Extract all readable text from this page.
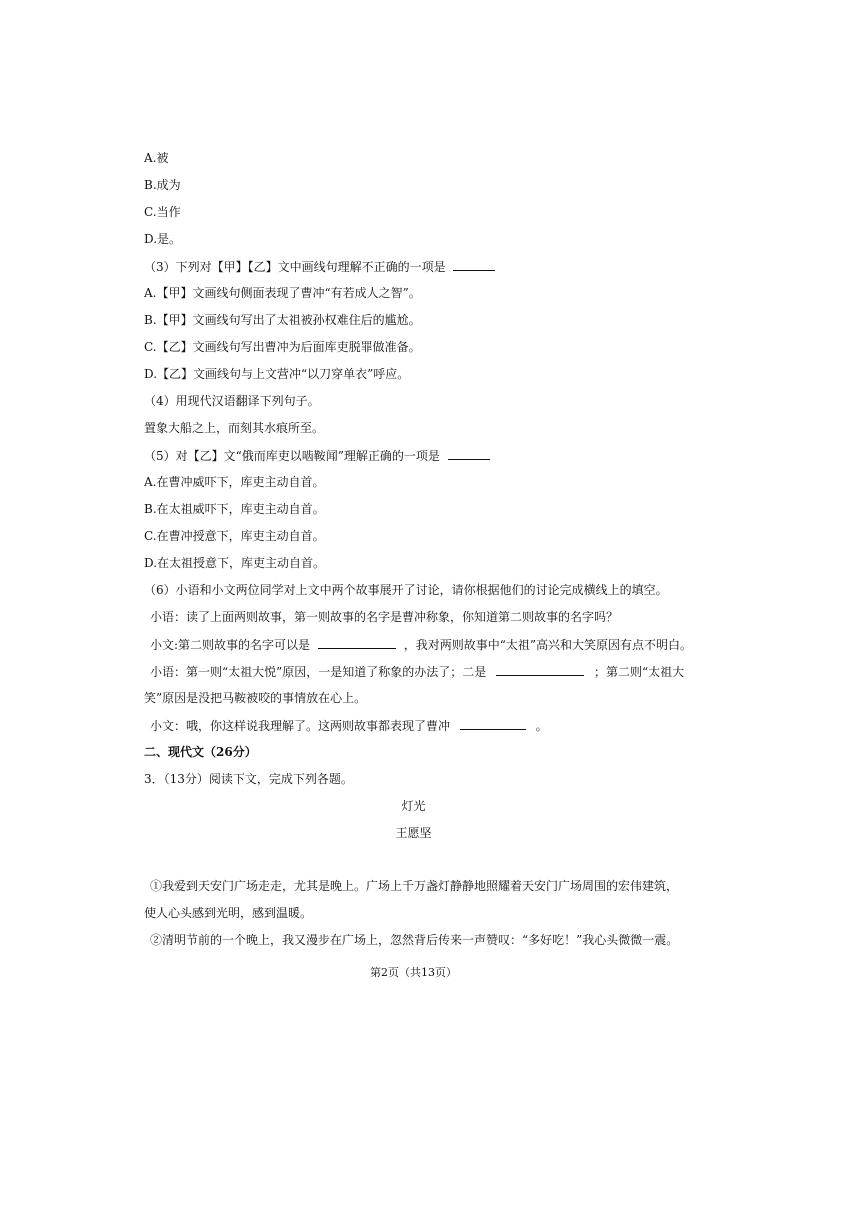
A.被
B.成为
C.当作
D.是。
（3）下列对【甲】【乙】文中画线句理解不正确的一项是
A.【甲】文画线句侧面表现了曹冲“有若成人之智”。
B.【甲】文画线句写出了太祖被孙权难住后的尴尬。
C.【乙】文画线句写出曹冲为后面库吏脱罪做准备。
D.【乙】文画线句与上文营冲“以刀穿单衣”呼应。
（4）用现代汉语翻译下列句子。
置象大船之上，而刻其水痕所至。
（5）对【乙】文“俄而库吏以啮鞍闻”理解正确的一项是
A.在曹冲威吓下，库吏主动自首。
B.在太祖威吓下，库吏主动自首。
C.在曹冲授意下，库吏主动自首。
D.在太祖授意下，库吏主动自首。
（6）小语和小文两位同学对上文中两个故事展开了讨论，请你根据他们的讨论完成横线上的填空。
小语：读了上面两则故事，第一则故事的名字是曹冲称象，你知道第二则故事的名字吗？
小文:第二则故事的名字可以是	，我对两则故事中“太祖”高兴和大笑原因有点不明白。
小语：第一则“太祖大悦”原因，一是知道了称象的办法了；二是	；第二则“太祖大
笑”原因是没把马鞍被咬的事情放在心上。
小文：哦，你这样说我理解了。这两则故事都表现了曹冲	。
二、现代文（26分）
3．（13分）阅读下文，完成下列各题。
灯光
王愿坚
①我爱到天安门广场走走，尤其是晚上。广场上千万盏灯静静地照耀着天安门广场周围的宏伟建筑，
使人心头感到光明，感到温暖。
②清明节前的一个晚上，我又漫步在广场上，忽然背后传来一声赞叹：“多好吃！”我心头微微一震。
第2页（共13页）
